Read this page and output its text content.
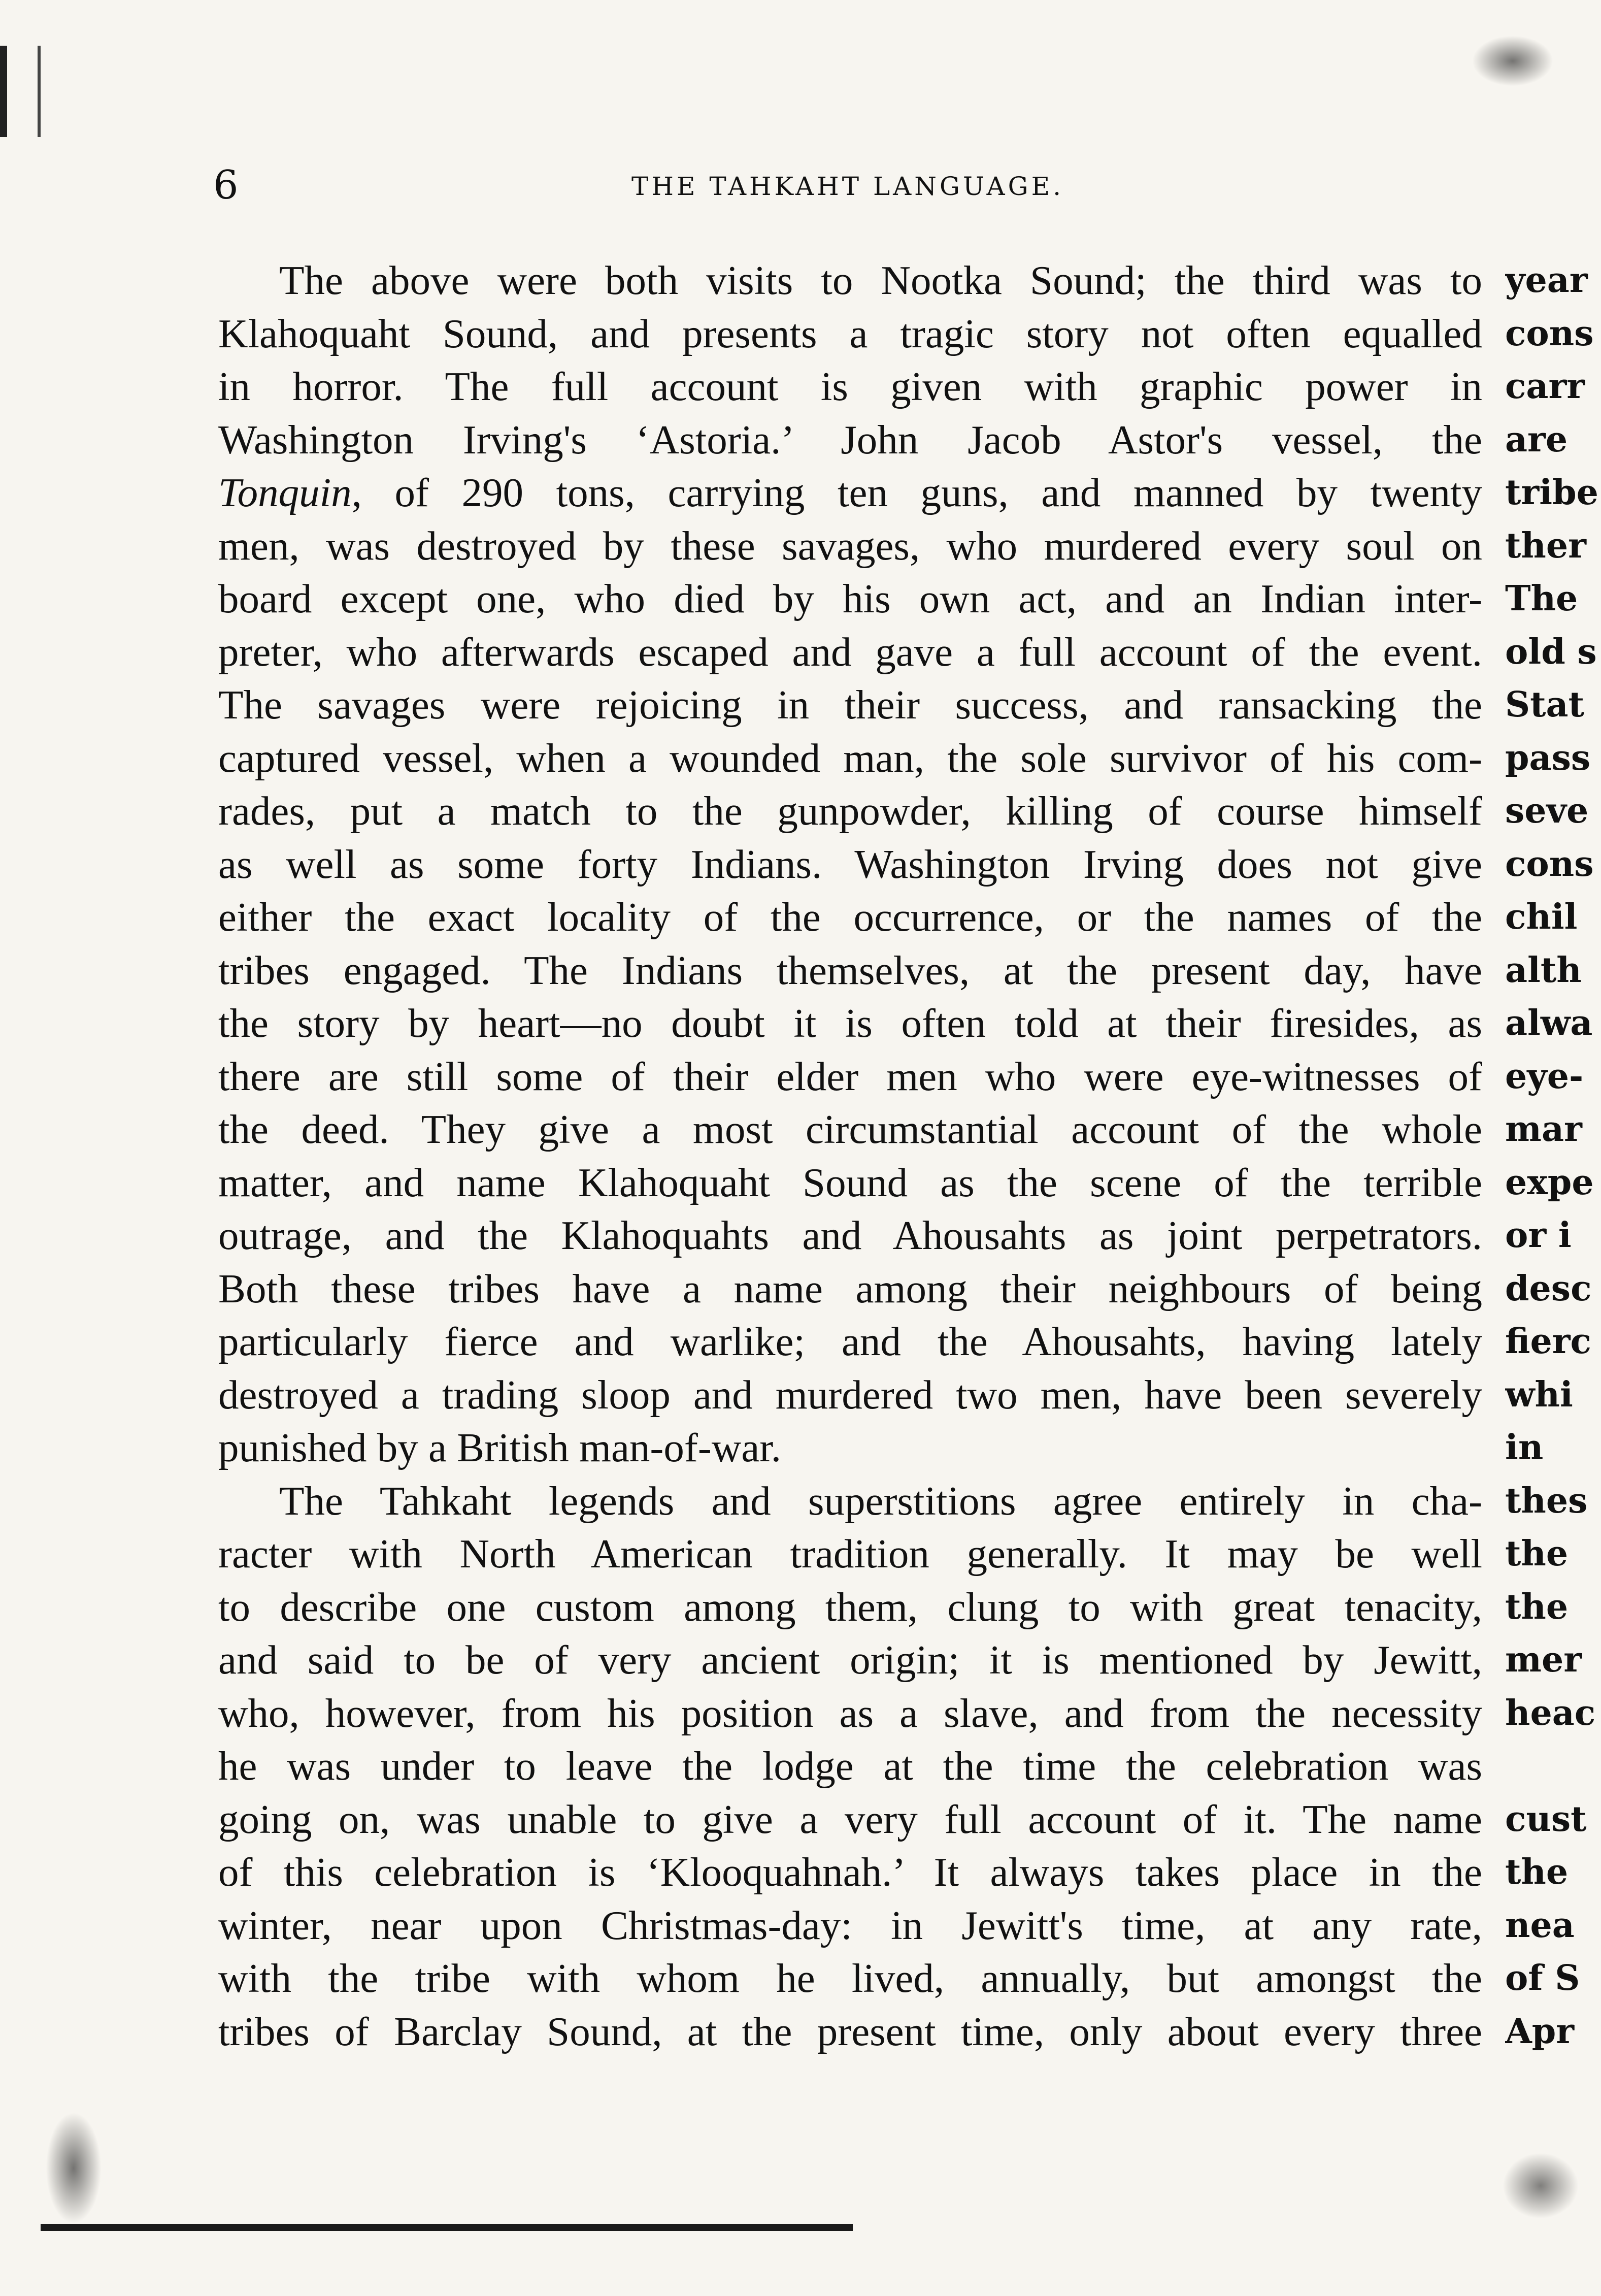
6	THE TAHKAHT LANGUAGE.
The above were both visits to Nootka Sound; the third was to
Klahoquaht Sound, and presents a tragic story not often equalled
in horror. The full account is given with graphic power in
Washington Irving's ‘Astoria.’ John Jacob Astor's vessel, the
Tonquin, of 290 tons, carrying ten guns, and manned by twenty
men, was destroyed by these savages, who murdered every soul on
board except one, who died by his own act, and an Indian inter-
preter, who afterwards escaped and gave a full account of the event.
The savages were rejoicing in their success, and ransacking the
captured vessel, when a wounded man, the sole survivor of his com-
rades, put a match to the gunpowder, killing of course himself
as well as some forty Indians. Washington Irving does not give
either the exact locality of the occurrence, or the names of the
tribes engaged. The Indians themselves, at the present day, have
the story by heart—no doubt it is often told at their firesides, as
there are still some of their elder men who were eye-witnesses of
the deed. They give a most circumstantial account of the whole
matter, and name Klahoquaht Sound as the scene of the terrible
outrage, and the Klahoquahts and Ahousahts as joint perpetrators.
Both these tribes have a name among their neighbours of being
particularly fierce and warlike; and the Ahousahts, having lately
destroyed a trading sloop and murdered two men, have been severely
punished by a British man-of-war.
The Tahkaht legends and superstitions agree entirely in cha-
racter with North American tradition generally. It may be well
to describe one custom among them, clung to with great tenacity,
and said to be of very ancient origin; it is mentioned by Jewitt,
who, however, from his position as a slave, and from the necessity
he was under to leave the lodge at the time the celebration was
going on, was unable to give a very full account of it. The name
of this celebration is ‘Klooquahnah.’ It always takes place in the
winter, near upon Christmas-day: in Jewitt's time, at any rate,
with the tribe with whom he lived, annually, but amongst the
tribes of Barclay Sound, at the present time, only about every three
year
cons
carr
are
tribe
ther
The
old s
Stat
pass
seve
cons
chil
alth
alwa
eye-
mar
expe
or i
desc
fierc
whi
in
thes
the
the
mer
heac
cust
the
nea
of S
Apr
